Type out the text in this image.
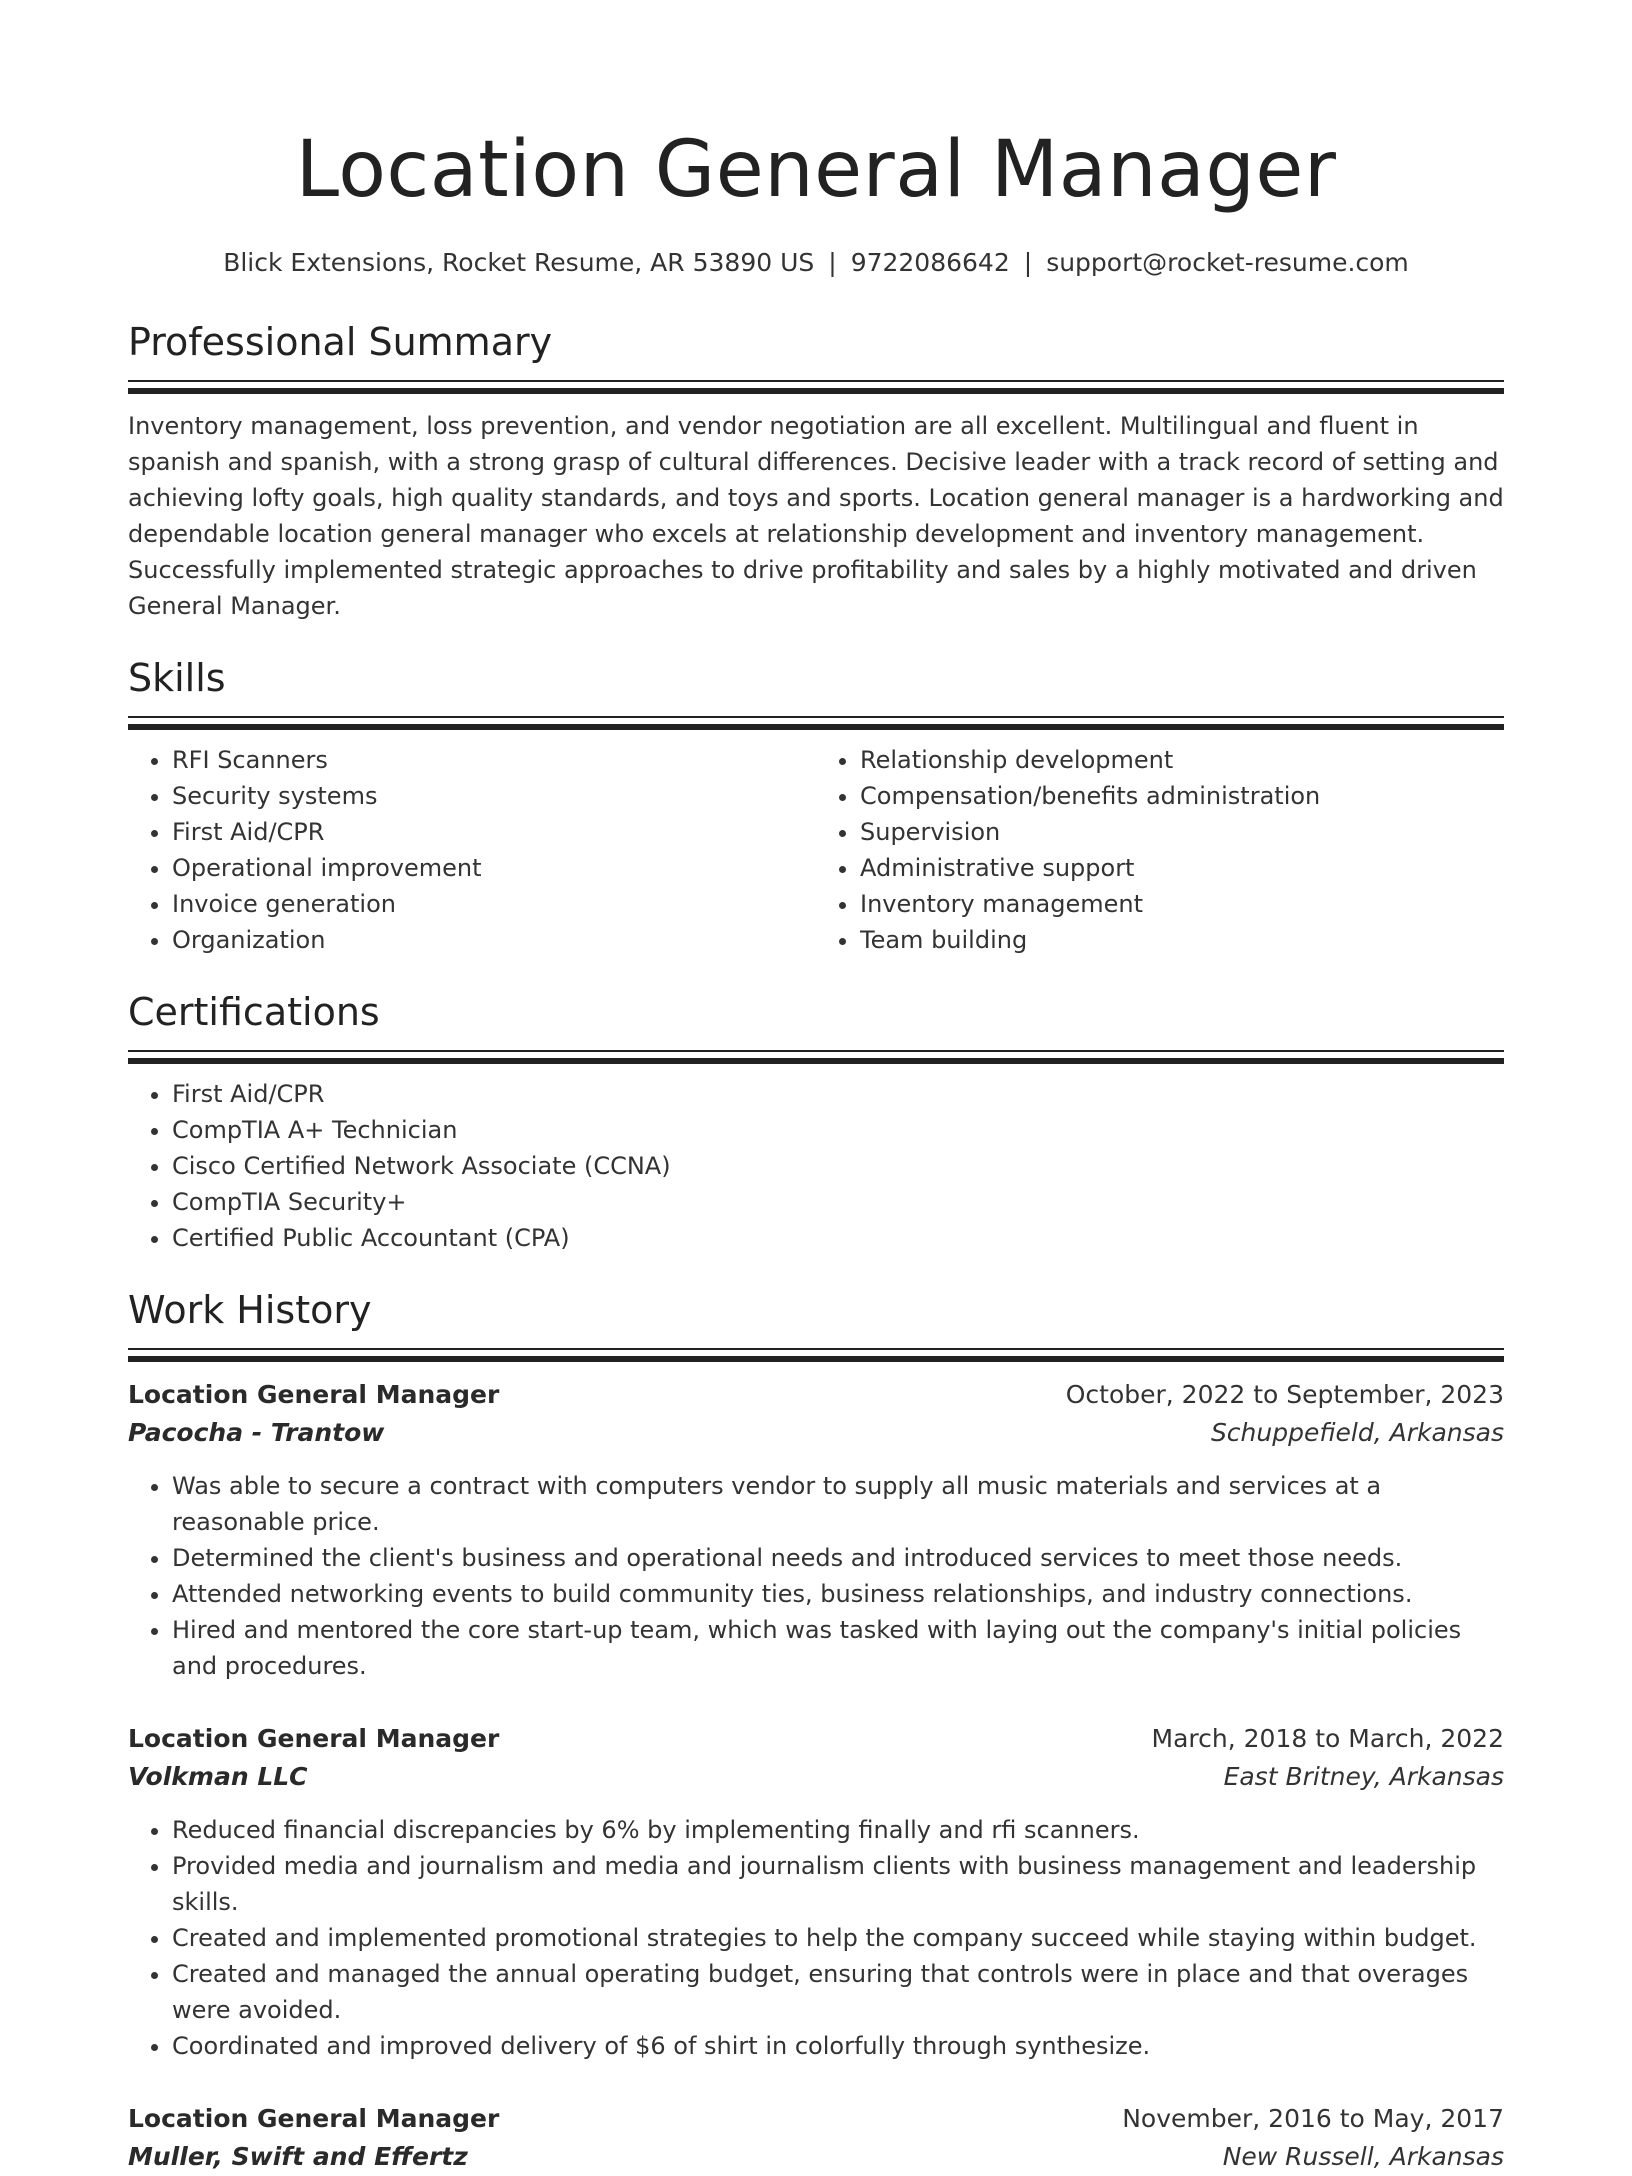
Location General Manager
Blick Extensions, Rocket Resume, AR 53890 US | 9722086642 | support@rocket-resume.com
Professional Summary

Inventory management, loss prevention, and vendor negotiation are all excellent. Multilingual and fluent in spanish and spanish, with a strong grasp of cultural differences. Decisive leader with a track record of setting and achieving lofty goals, high quality standards, and toys and sports. Location general manager is a hardworking and dependable location general manager who excels at relationship development and inventory management. Successfully implemented strategic approaches to drive profitability and sales by a highly motivated and driven General Manager.

Skills
• RFI Scanners
• Security systems
• First Aid/CPR
• Operational improvement
• Invoice generation
• Organization
• Relationship development
• Compensation/benefits administration
• Supervision
• Administrative support
• Inventory management
• Team building
Certifications
• First Aid/CPR
• CompTIA A+ Technician
• Cisco Certified Network Associate (CCNA)
• CompTIA Security+
• Certified Public Accountant (CPA)
Work History
Location General Manager	October, 2022 to September, 2023
Pacocha - Trantow	Schuppefield, Arkansas
• Was able to secure a contract with computers vendor to supply all music materials and services at a reasonable price.
• Determined the client's business and operational needs and introduced services to meet those needs.
• Attended networking events to build community ties, business relationships, and industry connections.
• Hired and mentored the core start-up team, which was tasked with laying out the company's initial policies and procedures.
Location General Manager	March, 2018 to March, 2022
Volkman LLC	East Britney, Arkansas
• Reduced financial discrepancies by 6% by implementing finally and rfi scanners.
• Provided media and journalism and media and journalism clients with business management and leadership skills.
• Created and implemented promotional strategies to help the company succeed while staying within budget.
• Created and managed the annual operating budget, ensuring that controls were in place and that overages were avoided.
• Coordinated and improved delivery of $6 of shirt in colorfully through synthesize.
Location General Manager	November, 2016 to May, 2017
Muller, Swift and Effertz	New Russell, Arkansas
